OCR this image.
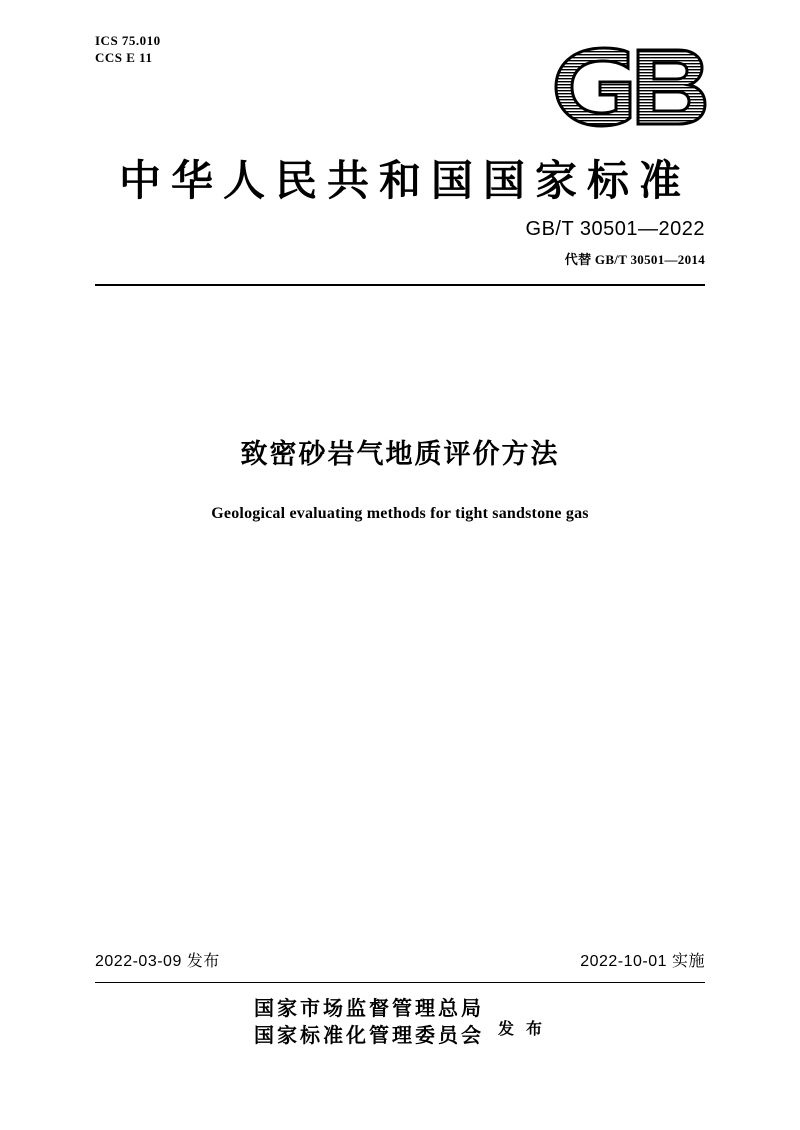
ICS 75.010
CCS E 11
中华人民共和国国家标准
GB/T 30501—2022
代替 GB/T 30501—2014
致密砂岩气地质评价方法
Geological evaluating methods for tight sandstone gas
2022-03-09 发布	2022-10-01 实施
国家市场监督管理总局
国家标准化管理委员会 发 布
